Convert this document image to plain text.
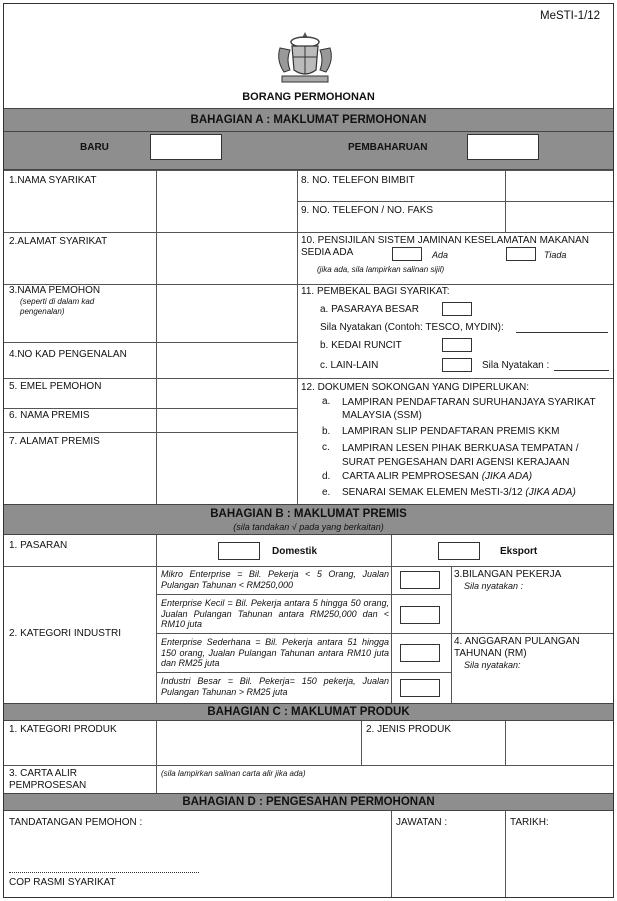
MeSTI-1/12
BORANG PERMOHONAN
BAHAGIAN A : MAKLUMAT PERMOHONAN
BARU	PEMBAHARUAN
1.NAMA SYARIKAT
2.ALAMAT SYARIKAT
3.NAMA PEMOHON
(seperti di dalam kad pengenalan)
4.NO KAD PENGENALAN
5. EMEL PEMOHON
6. NAMA PREMIS
7. ALAMAT PREMIS
8. NO. TELEFON BIMBIT
9. NO. TELEFON / NO. FAKS
10. PENSIJILAN SISTEM JAMINAN KESELAMATAN MAKANAN SEDIA ADA	Ada	Tiada
(jika ada, sila lampirkan salinan sijil)
11. PEMBEKAL BAGI SYARIKAT:
a. PASARAYA BESAR
Sila Nyatakan (Contoh: TESCO, MYDIN):
b. KEDAI RUNCIT
c. LAIN-LAIN	Sila Nyatakan :
12. DOKUMEN SOKONGAN YANG DIPERLUKAN:
a. LAMPIRAN PENDAFTARAN SURUHANJAYA SYARIKAT MALAYSIA (SSM)
b. LAMPIRAN SLIP PENDAFTARAN PREMIS KKM
c. LAMPIRAN LESEN PIHAK BERKUASA TEMPATAN / SURAT PENGESAHAN DARI AGENSI KERAJAAN
d. CARTA ALIR PEMPROSESAN (JIKA ADA)
e. SENARAI SEMAK ELEMEN MeSTI-3/12 (JIKA ADA)
BAHAGIAN B : MAKLUMAT PREMIS
(sila tandakan √ pada yang berkaitan)
1. PASARAN
Domestik	Eksport
2. KATEGORI INDUSTRI
Mikro Enterprise = Bil. Pekerja < 5 Orang, Jualan Pulangan Tahunan < RM250,000
Enterprise Kecil = Bil. Pekerja antara 5 hingga 50 orang, Jualan Pulangan Tahunan antara RM250,000 dan < RM10 juta
Enterprise Sederhana = Bil. Pekerja antara 51 hingga 150 orang, Jualan Pulangan Tahunan antara RM10 juta dan RM25 juta
Industri Besar = Bil. Pekerja= 150 pekerja, Jualan Pulangan Tahunan > RM25 juta
3.BILANGAN PEKERJA
Sila nyatakan :
4. ANGGARAN PULANGAN TAHUNAN (RM)
Sila nyatakan:
BAHAGIAN C : MAKLUMAT PRODUK
1. KATEGORI PRODUK	2. JENIS PRODUK
3. CARTA ALIR PEMPROSESAN
(sila lampirkan salinan carta alir jika ada)
BAHAGIAN D : PENGESAHAN PERMOHONAN
TANDATANGAN PEMOHON :
COP RASMI SYARIKAT
JAWATAN :	TARIKH:
